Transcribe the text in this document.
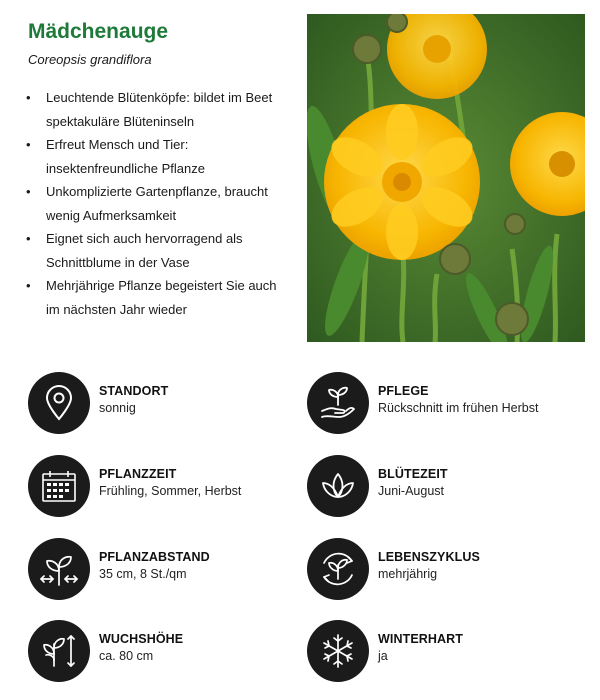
Mädchenauge
Coreopsis grandiflora
• Leuchtende Blütenköpfe: bildet im Beet spektakuläre Blüteninseln
• Erfreut Mensch und Tier: insektenfreundliche Pflanze
• Unkomplizierte Gartenpflanze, braucht wenig Aufmerksamkeit
• Eignet sich auch hervorragend als Schnittblume in der Vase
• Mehrjährige Pflanze begeistert Sie auch im nächsten Jahr wieder
STANDORT
sonnig
PFLEGE
Rückschnitt im frühen Herbst
PFLANZZEIT
Frühling, Sommer, Herbst
BLÜTEZEIT
Juni-August
PFLANZABSTAND
35 cm, 8 St./qm
LEBENSZYKLUS
mehrjährig
WUCHSHÖHE
ca. 80 cm
WINTERHART
ja
